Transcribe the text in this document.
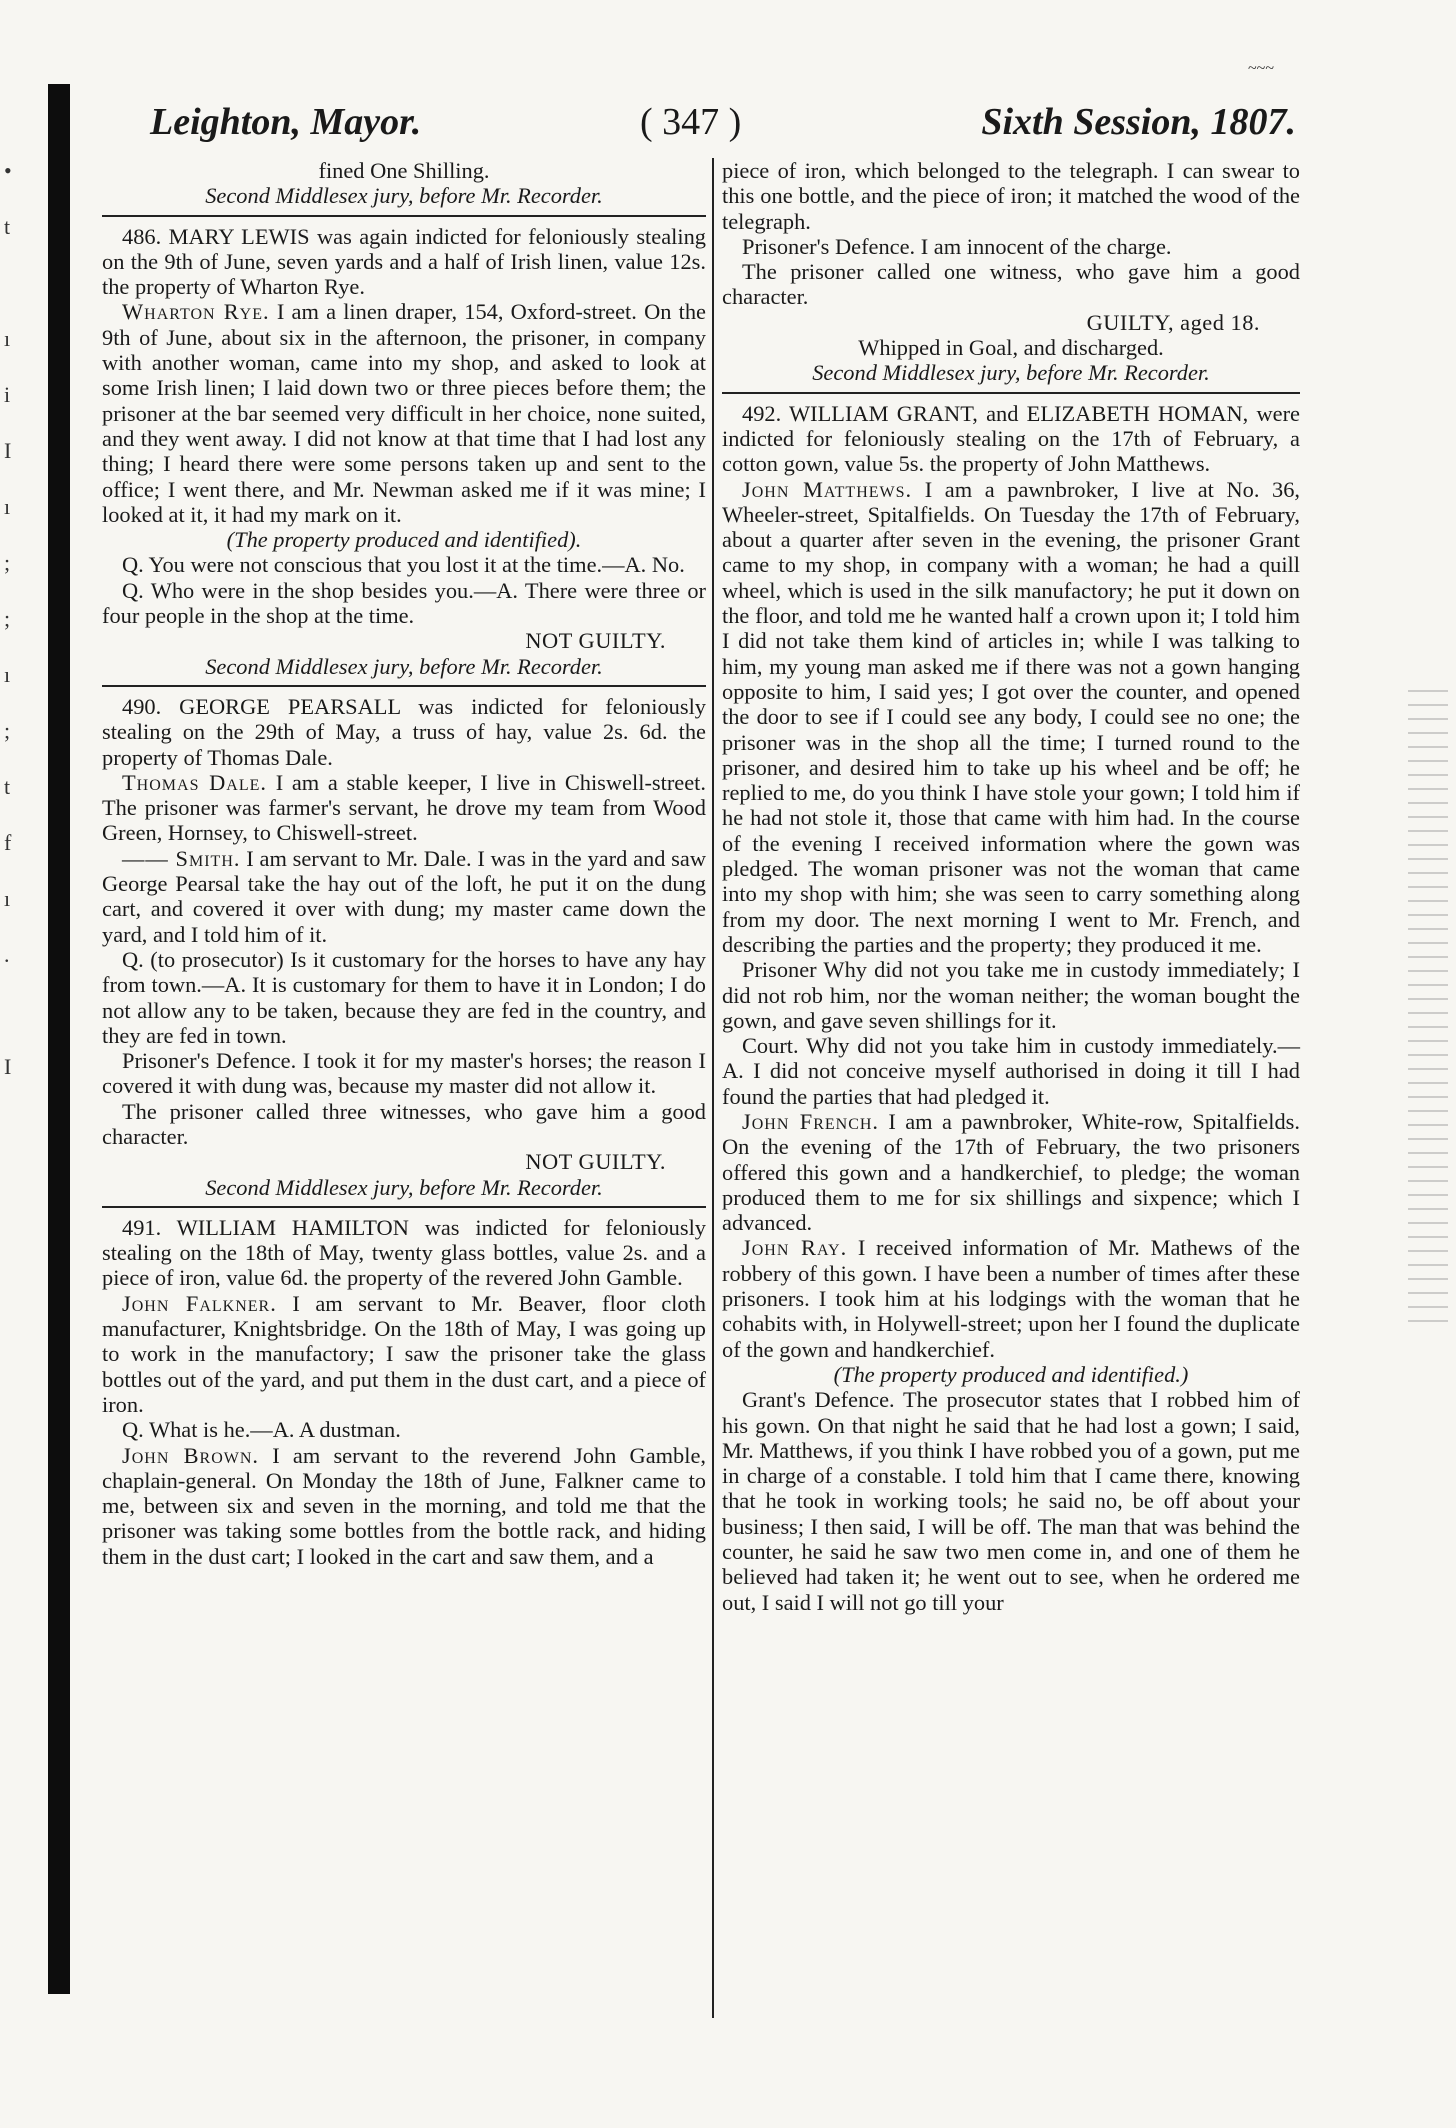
•
t
ı
i
I
ı
;
;
ı
;
t
f
ı
.
I
~~~
Leighton, Mayor.	( 347 )	Sixth Session, 1807.

fined One Shilling.

Second Middlesex jury, before Mr. Recorder.

486. MARY LEWIS was again indicted for feloniously stealing on the 9th of June, seven yards and a half of Irish linen, value 12s. the property of Wharton Rye.

Wharton Rye. I am a linen draper, 154, Oxford-street. On the 9th of June, about six in the afternoon, the prisoner, in company with another woman, came into my shop, and asked to look at some Irish linen; I laid down two or three pieces before them; the prisoner at the bar seemed very difficult in her choice, none suited, and they went away. I did not know at that time that I had lost any thing; I heard there were some persons taken up and sent to the office; I went there, and Mr. Newman asked me if it was mine; I looked at it, it had my mark on it.

(The property produced and identified).

Q. You were not conscious that you lost it at the time.—A. No.

Q. Who were in the shop besides you.—A. There were three or four people in the shop at the time.

NOT GUILTY.

Second Middlesex jury, before Mr. Recorder.

490. GEORGE PEARSALL was indicted for feloniously stealing on the 29th of May, a truss of hay, value 2s. 6d. the property of Thomas Dale.

Thomas Dale. I am a stable keeper, I live in Chiswell-street. The prisoner was farmer's servant, he drove my team from Wood Green, Hornsey, to Chiswell-street.

—— Smith. I am servant to Mr. Dale. I was in the yard and saw George Pearsal take the hay out of the loft, he put it on the dung cart, and covered it over with dung; my master came down the yard, and I told him of it.

Q. (to prosecutor) Is it customary for the horses to have any hay from town.—A. It is customary for them to have it in London; I do not allow any to be taken, because they are fed in the country, and they are fed in town.

Prisoner's Defence. I took it for my master's horses; the reason I covered it with dung was, because my master did not allow it.

The prisoner called three witnesses, who gave him a good character.

NOT GUILTY.

Second Middlesex jury, before Mr. Recorder.

491. WILLIAM HAMILTON was indicted for feloniously stealing on the 18th of May, twenty glass bottles, value 2s. and a piece of iron, value 6d. the property of the revered John Gamble.

John Falkner. I am servant to Mr. Beaver, floor cloth manufacturer, Knightsbridge. On the 18th of May, I was going up to work in the manufactory; I saw the prisoner take the glass bottles out of the yard, and put them in the dust cart, and a piece of iron.

Q. What is he.—A. A dustman.

John Brown. I am servant to the reverend John Gamble, chaplain-general. On Monday the 18th of June, Falkner came to me, between six and seven in the morning, and told me that the prisoner was taking some bottles from the bottle rack, and hiding them in the dust cart; I looked in the cart and saw them, and a

piece of iron, which belonged to the telegraph. I can swear to this one bottle, and the piece of iron; it matched the wood of the telegraph.

Prisoner's Defence. I am innocent of the charge.

The prisoner called one witness, who gave him a good character.

GUILTY, aged 18.

Whipped in Goal, and discharged.

Second Middlesex jury, before Mr. Recorder.

492. WILLIAM GRANT, and ELIZABETH HOMAN, were indicted for feloniously stealing on the 17th of February, a cotton gown, value 5s. the property of John Matthews.

John Matthews. I am a pawnbroker, I live at No. 36, Wheeler-street, Spitalfields. On Tuesday the 17th of February, about a quarter after seven in the evening, the prisoner Grant came to my shop, in company with a woman; he had a quill wheel, which is used in the silk manufactory; he put it down on the floor, and told me he wanted half a crown upon it; I told him I did not take them kind of articles in; while I was talking to him, my young man asked me if there was not a gown hanging opposite to him, I said yes; I got over the counter, and opened the door to see if I could see any body, I could see no one; the prisoner was in the shop all the time; I turned round to the prisoner, and desired him to take up his wheel and be off; he replied to me, do you think I have stole your gown; I told him if he had not stole it, those that came with him had. In the course of the evening I received information where the gown was pledged. The woman prisoner was not the woman that came into my shop with him; she was seen to carry something along from my door. The next morning I went to Mr. French, and describing the parties and the property; they produced it me.

Prisoner Why did not you take me in custody immediately; I did not rob him, nor the woman neither; the woman bought the gown, and gave seven shillings for it.

Court. Why did not you take him in custody immediately.—A. I did not conceive myself authorised in doing it till I had found the parties that had pledged it.

John French. I am a pawnbroker, White-row, Spitalfields. On the evening of the 17th of February, the two prisoners offered this gown and a handkerchief, to pledge; the woman produced them to me for six shillings and sixpence; which I advanced.

John Ray. I received information of Mr. Mathews of the robbery of this gown. I have been a number of times after these prisoners. I took him at his lodgings with the woman that he cohabits with, in Holywell-street; upon her I found the duplicate of the gown and handkerchief.

(The property produced and identified.)

Grant's Defence. The prosecutor states that I robbed him of his gown. On that night he said that he had lost a gown; I said, Mr. Matthews, if you think I have robbed you of a gown, put me in charge of a constable. I told him that I came there, knowing that he took in working tools; he said no, be off about your business; I then said, I will be off. The man that was behind the counter, he said he saw two men come in, and one of them he believed had taken it; he went out to see, when he ordered me out, I said I will not go till your
